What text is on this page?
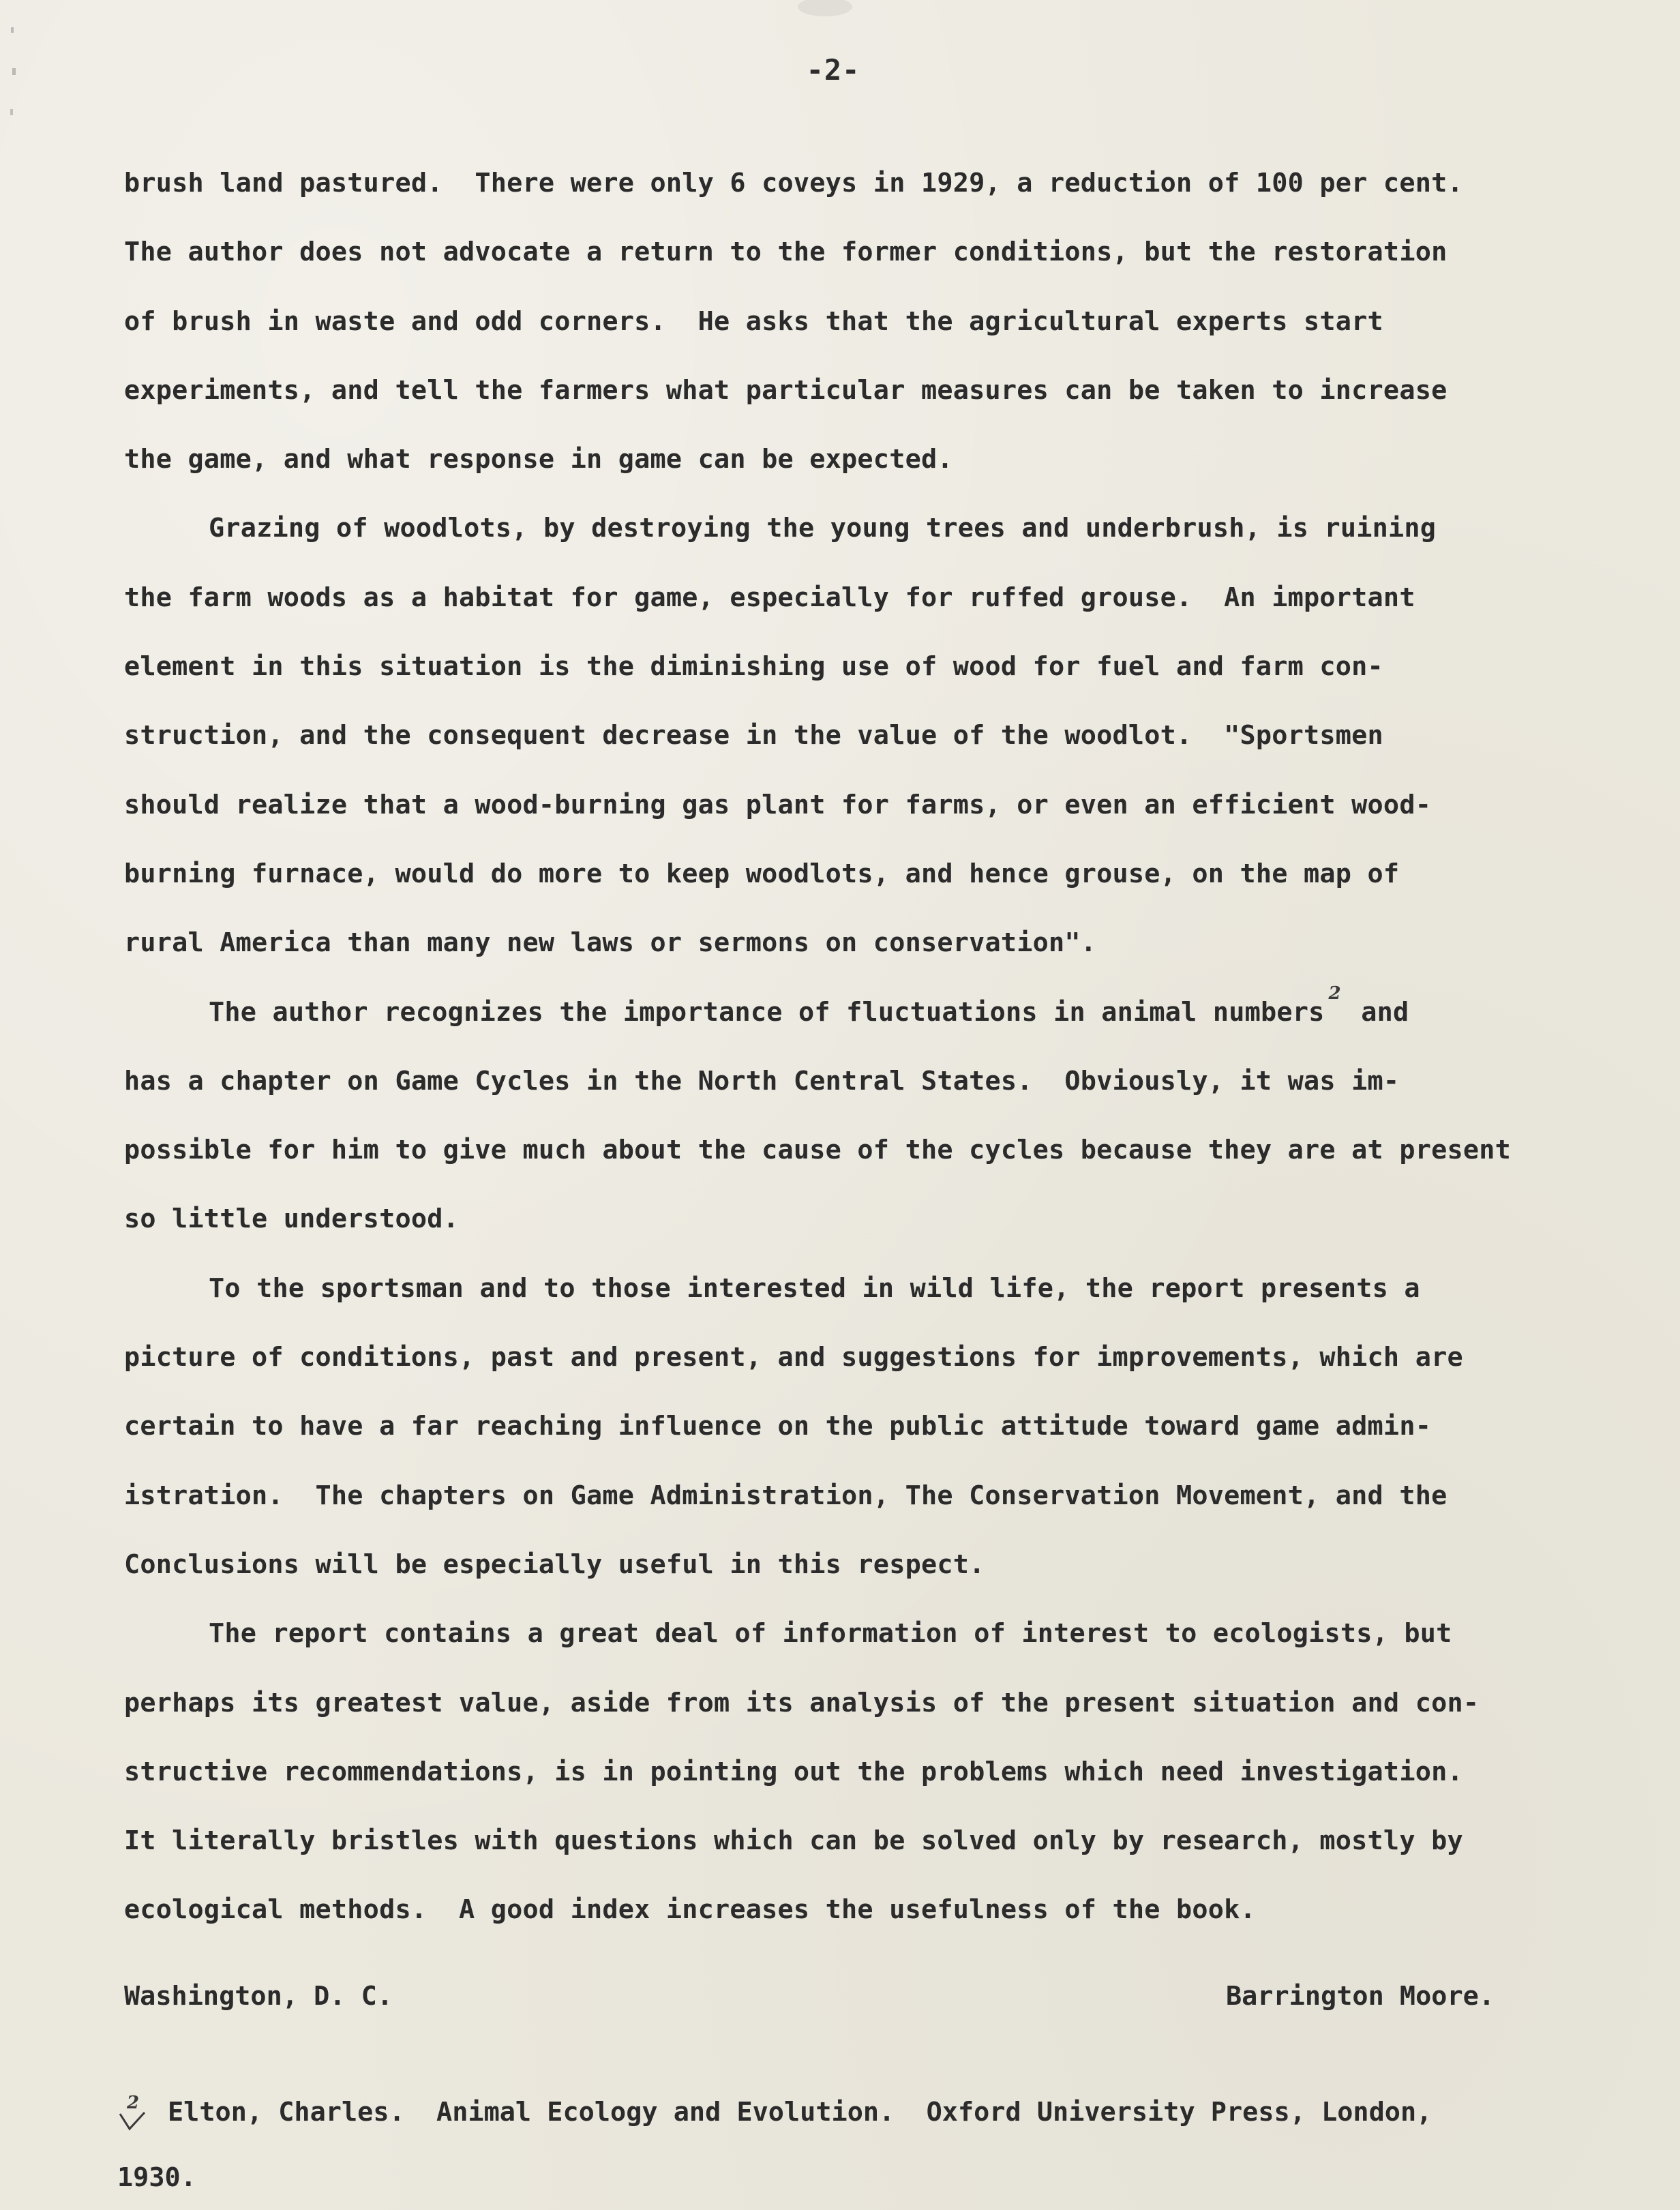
-2-
brush land pastured.  There were only 6 coveys in 1929, a reduction of 100 per cent.
The author does not advocate a return to the former conditions, but the restoration
of brush in waste and odd corners.  He asks that the agricultural experts start
experiments, and tell the farmers what particular measures can be taken to increase
the game, and what response in game can be expected.
Grazing of woodlots, by destroying the young trees and underbrush, is ruining
the farm woods as a habitat for game, especially for ruffed grouse.  An important
element in this situation is the diminishing use of wood for fuel and farm con-
struction, and the consequent decrease in the value of the woodlot.  "Sportsmen
should realize that a wood-burning gas plant for farms, or even an efficient wood-
burning furnace, would do more to keep woodlots, and hence grouse, on the map of
rural America than many new laws or sermons on conservation".
The author recognizes the importance of fluctuations in animal numbers2 and
has a chapter on Game Cycles in the North Central States.  Obviously, it was im-
possible for him to give much about the cause of the cycles because they are at present
so little understood.
To the sportsman and to those interested in wild life, the report presents a
picture of conditions, past and present, and suggestions for improvements, which are
certain to have a far reaching influence on the public attitude toward game admin-
istration.  The chapters on Game Administration, The Conservation Movement, and the
Conclusions will be especially useful in this respect.
The report contains a great deal of information of interest to ecologists, but
perhaps its greatest value, aside from its analysis of the present situation and con-
structive recommendations, is in pointing out the problems which need investigation.
It literally bristles with questions which can be solved only by research, mostly by
ecological methods.  A good index increases the usefulness of the book.
Washington, D. C.	Barrington Moore.
2 Elton, Charles.  Animal Ecology and Evolution.  Oxford University Press, London,
1930.
